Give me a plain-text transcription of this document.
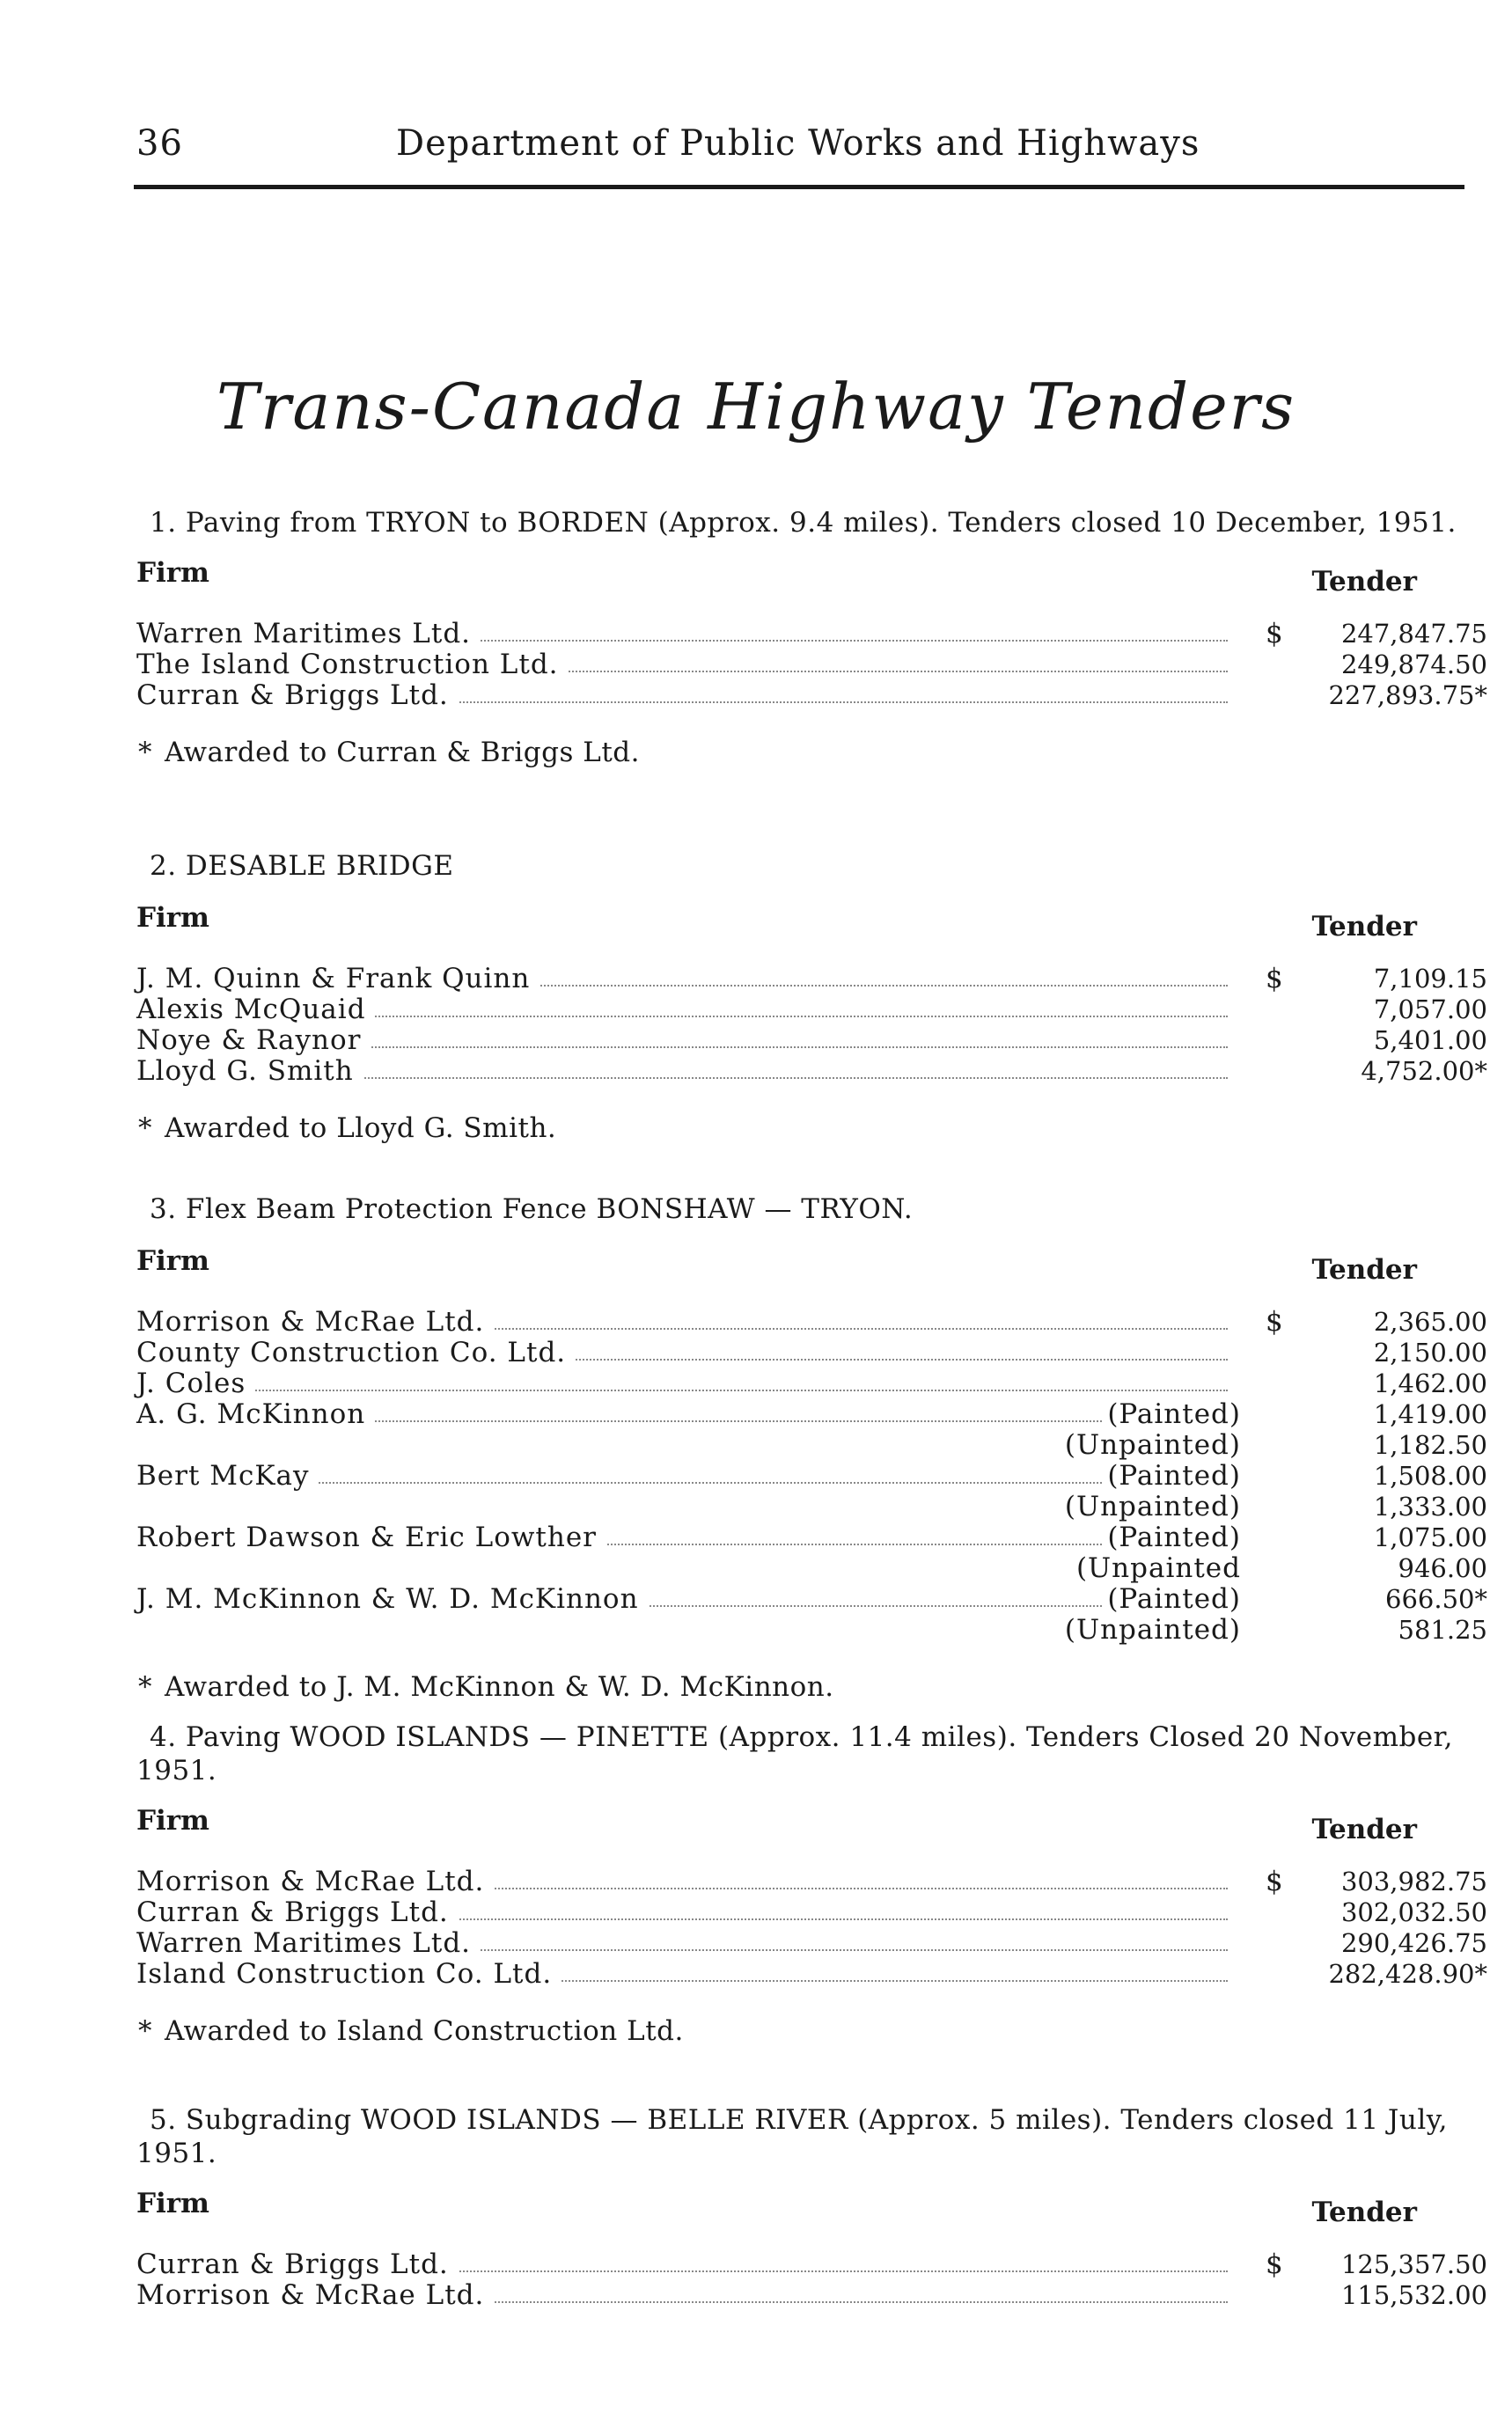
36	Department of Public Works and Highways
Trans-Canada Highway Tenders

1. Paving from TRYON to BORDEN (Approx. 9.4 miles). Tenders closed 10 December, 1951.

Firm	Tender
Warren Maritimes Ltd.	$	247,847.75
The Island Construction Ltd.	249,874.50
Curran & Briggs Ltd.	227,893.75*
* Awarded to Curran & Briggs Ltd.

2. DESABLE BRIDGE

Firm	Tender
J. M. Quinn & Frank Quinn	$	7,109.15
Alexis McQuaid	7,057.00
Noye & Raynor	5,401.00
Lloyd G. Smith	4,752.00*
* Awarded to Lloyd G. Smith.

3. Flex Beam Protection Fence BONSHAW — TRYON.

Firm	Tender
Morrison & McRae Ltd.	$	2,365.00
County Construction Co. Ltd.	2,150.00
J. Coles	1,462.00
A. G. McKinnon	(Painted)	1,419.00
(Unpainted)	1,182.50
Bert McKay	(Painted)	1,508.00
(Unpainted)	1,333.00
Robert Dawson & Eric Lowther	(Painted)	1,075.00
(Unpainted	946.00
J. M. McKinnon & W. D. McKinnon	(Painted)	666.50*
(Unpainted)	581.25
* Awarded to J. M. McKinnon & W. D. McKinnon.

4. Paving WOOD ISLANDS — PINETTE (Approx. 11.4 miles). Tenders Closed 20 November, 1951.

Firm	Tender
Morrison & McRae Ltd.	$	303,982.75
Curran & Briggs Ltd.	302,032.50
Warren Maritimes Ltd.	290,426.75
Island Construction Co. Ltd.	282,428.90*
* Awarded to Island Construction Ltd.

5. Subgrading WOOD ISLANDS — BELLE RIVER (Approx. 5 miles). Tenders closed 11 July, 1951.

Firm	Tender
Curran & Briggs Ltd.	$	125,357.50
Morrison & McRae Ltd.	115,532.00
